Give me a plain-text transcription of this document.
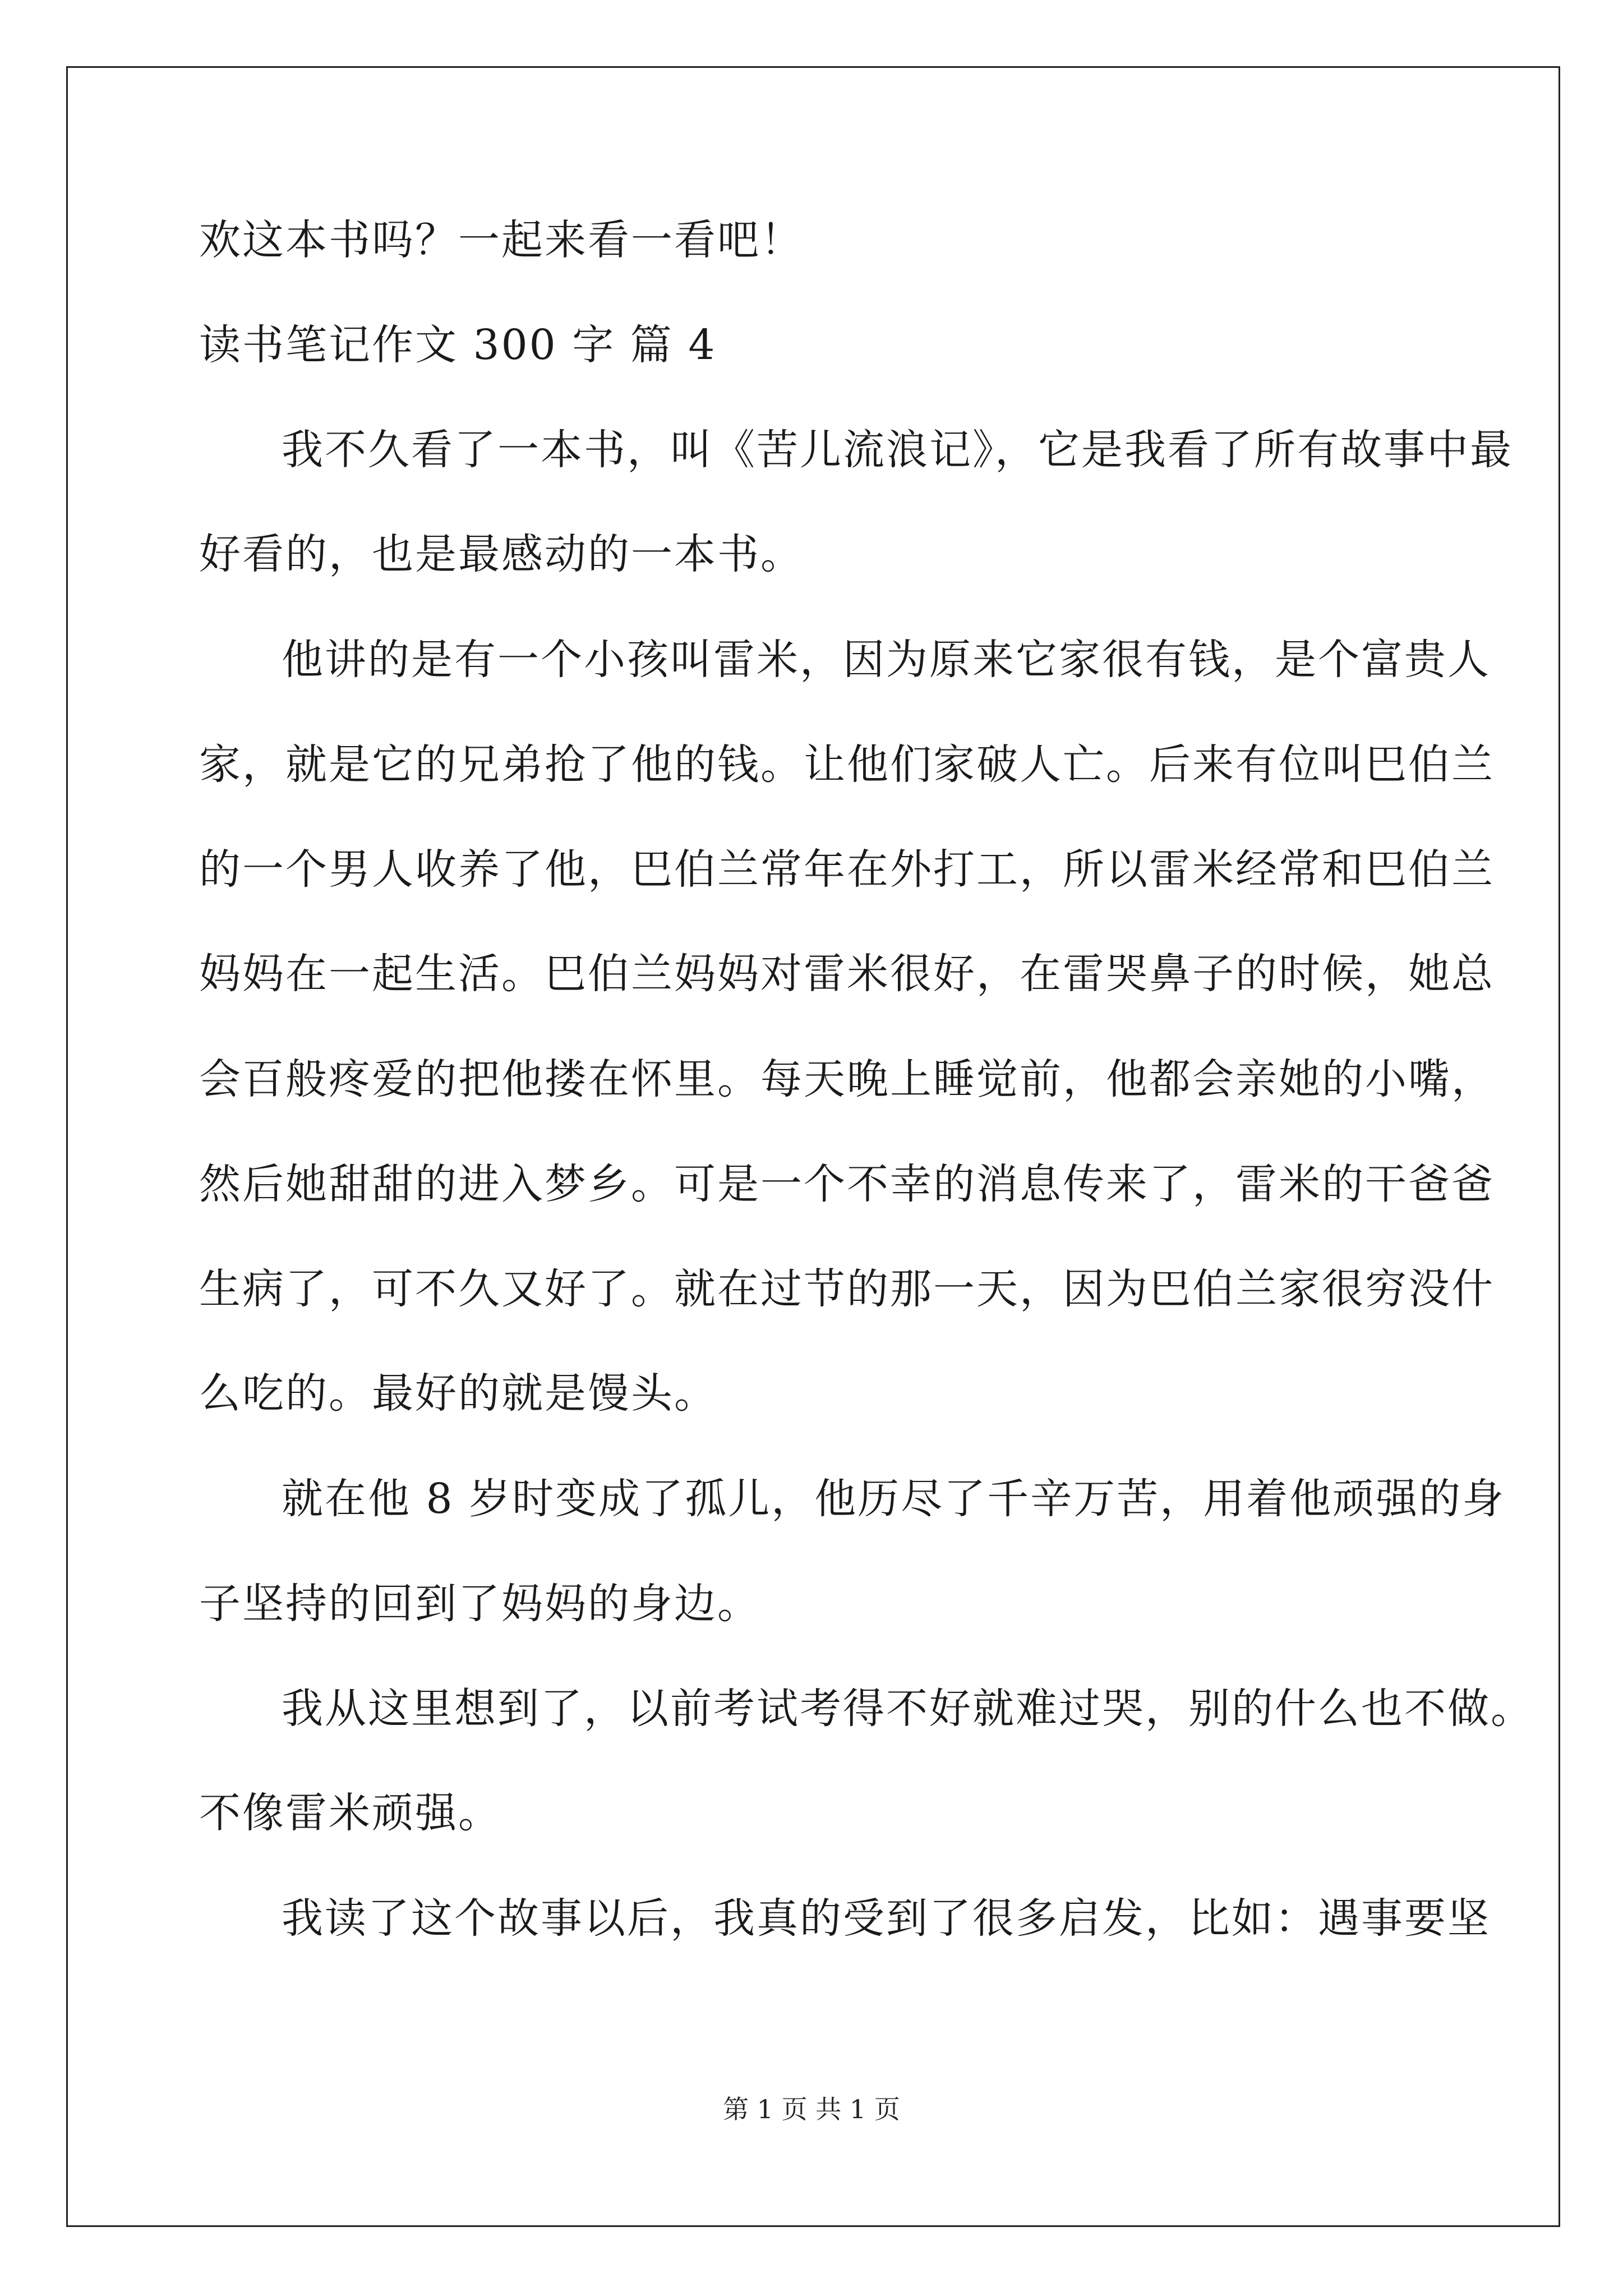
欢这本书吗？一起来看一看吧！
读书笔记作文 300 字 篇 4
我不久看了一本书，叫《苦儿流浪记》，它是我看了所有故事中最
好看的，也是最感动的一本书。
他讲的是有一个小孩叫雷米，因为原来它家很有钱，是个富贵人
家，就是它的兄弟抢了他的钱。让他们家破人亡。后来有位叫巴伯兰
的一个男人收养了他，巴伯兰常年在外打工，所以雷米经常和巴伯兰
妈妈在一起生活。巴伯兰妈妈对雷米很好，在雷哭鼻子的时候，她总
会百般疼爱的把他搂在怀里。每天晚上睡觉前，他都会亲她的小嘴，
然后她甜甜的进入梦乡。可是一个不幸的消息传来了，雷米的干爸爸
生病了，可不久又好了。就在过节的那一天，因为巴伯兰家很穷没什
么吃的。最好的就是馒头。
就在他 8 岁时变成了孤儿，他历尽了千辛万苦，用着他顽强的身
子坚持的回到了妈妈的身边。
我从这里想到了，以前考试考得不好就难过哭，别的什么也不做。
不像雷米顽强。
我读了这个故事以后，我真的受到了很多启发，比如：遇事要坚
第 1 页 共 1 页
